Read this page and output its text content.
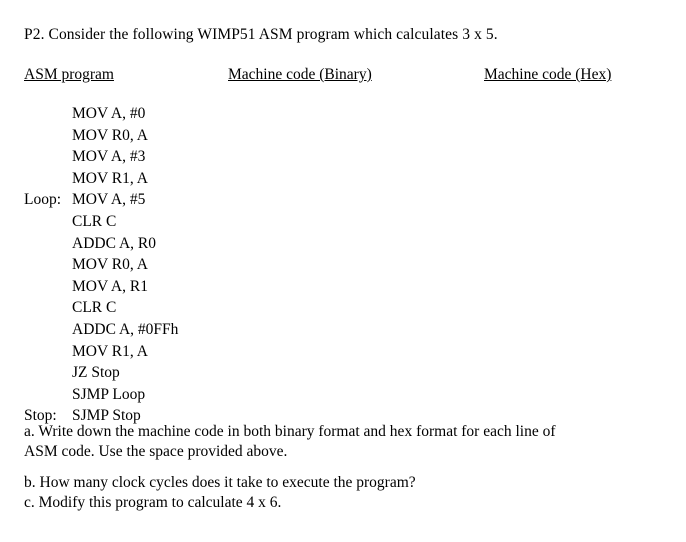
P2. Consider the following WIMP51 ASM program which calculates 3 x 5.
ASM program	Machine code (Binary)	Machine code (Hex)
MOV A, #0
MOV R0, A
MOV A, #3
MOV R1, A
Loop: MOV A, #5
CLR C
ADDC A, R0
MOV R0, A
MOV A, R1
CLR C
ADDC A, #0FFh
MOV R1, A
JZ Stop
SJMP Loop
Stop: SJMP Stop

a. Write down the machine code in both binary format and hex format for each line of
ASM code. Use the space provided above.

b. How many clock cycles does it take to execute the program?

c. Modify this program to calculate 4 x 6.
